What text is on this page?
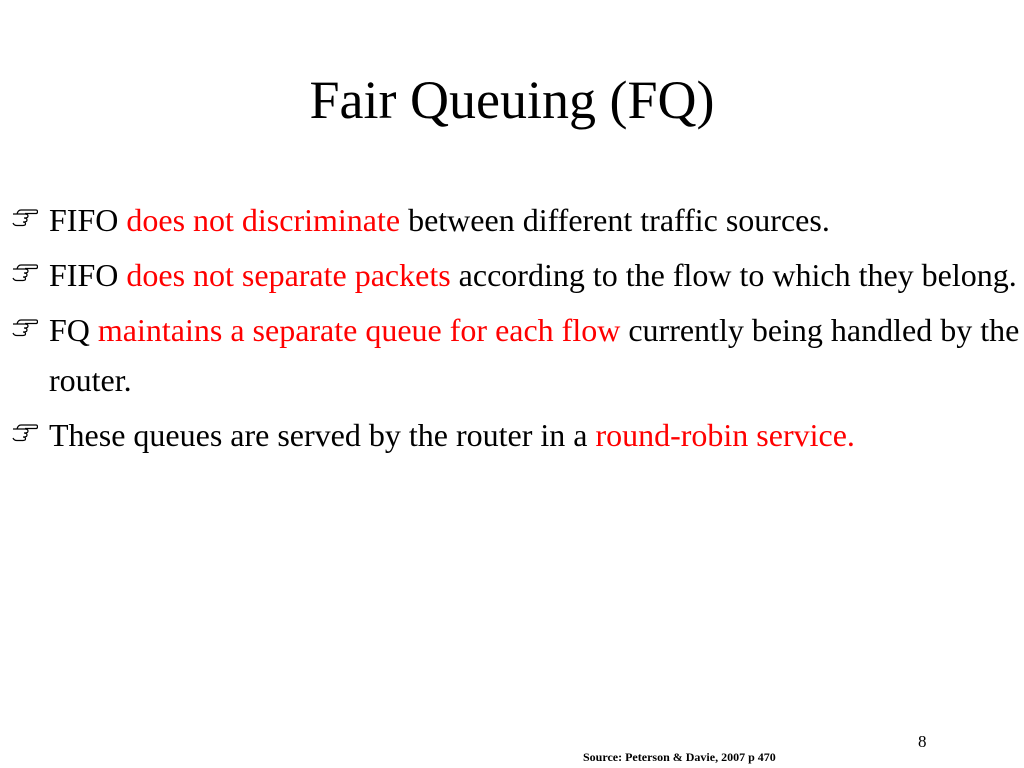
Fair Queuing (FQ)
FIFO does not discriminate between different traffic sources.
FIFO does not separate packets according to the flow to which they belong.
FQ maintains a separate queue for each flow currently being handled by the router.
These queues are served by the router in a round-robin service.
8
Source: Peterson & Davie, 2007 p 470
